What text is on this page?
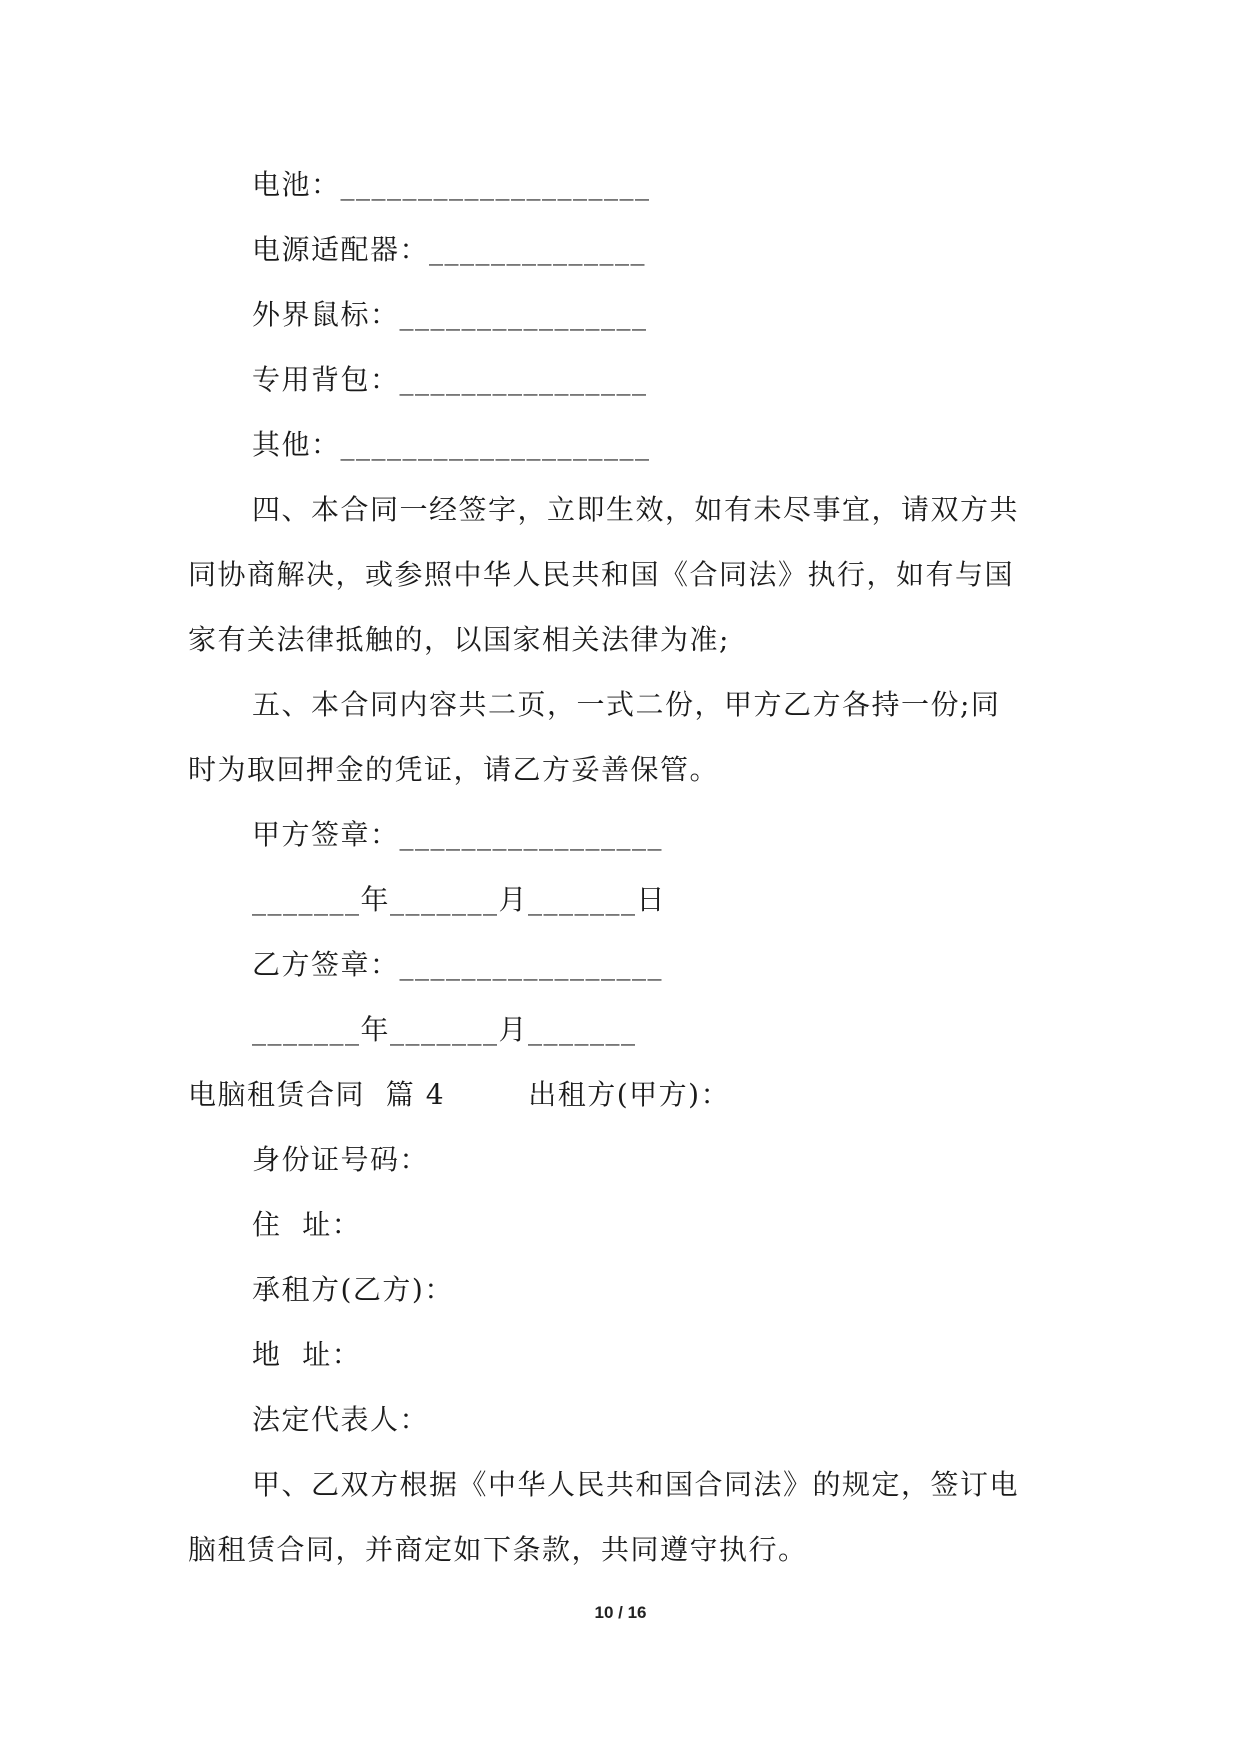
电池：____________________
电源适配器：______________
外界鼠标：________________
专用背包：________________
其他：____________________
四、本合同一经签字，立即生效，如有未尽事宜，请双方共
同协商解决，或参照中华人民共和国《合同法》执行，如有与国
家有关法律抵触的，以国家相关法律为准;
五、本合同内容共二页，一式二份，甲方乙方各持一份;同
时为取回押金的凭证，请乙方妥善保管。
甲方签章：_________________
_______年_______月_______日
乙方签章：_________________
_______年_______月_______
电脑租赁合同  篇 4        出租方(甲方)：
身份证号码：
住  址：
承租方(乙方)：
地  址：
法定代表人：
甲、乙双方根据《中华人民共和国合同法》的规定，签订电
脑租赁合同，并商定如下条款，共同遵守执行。
10 / 16
